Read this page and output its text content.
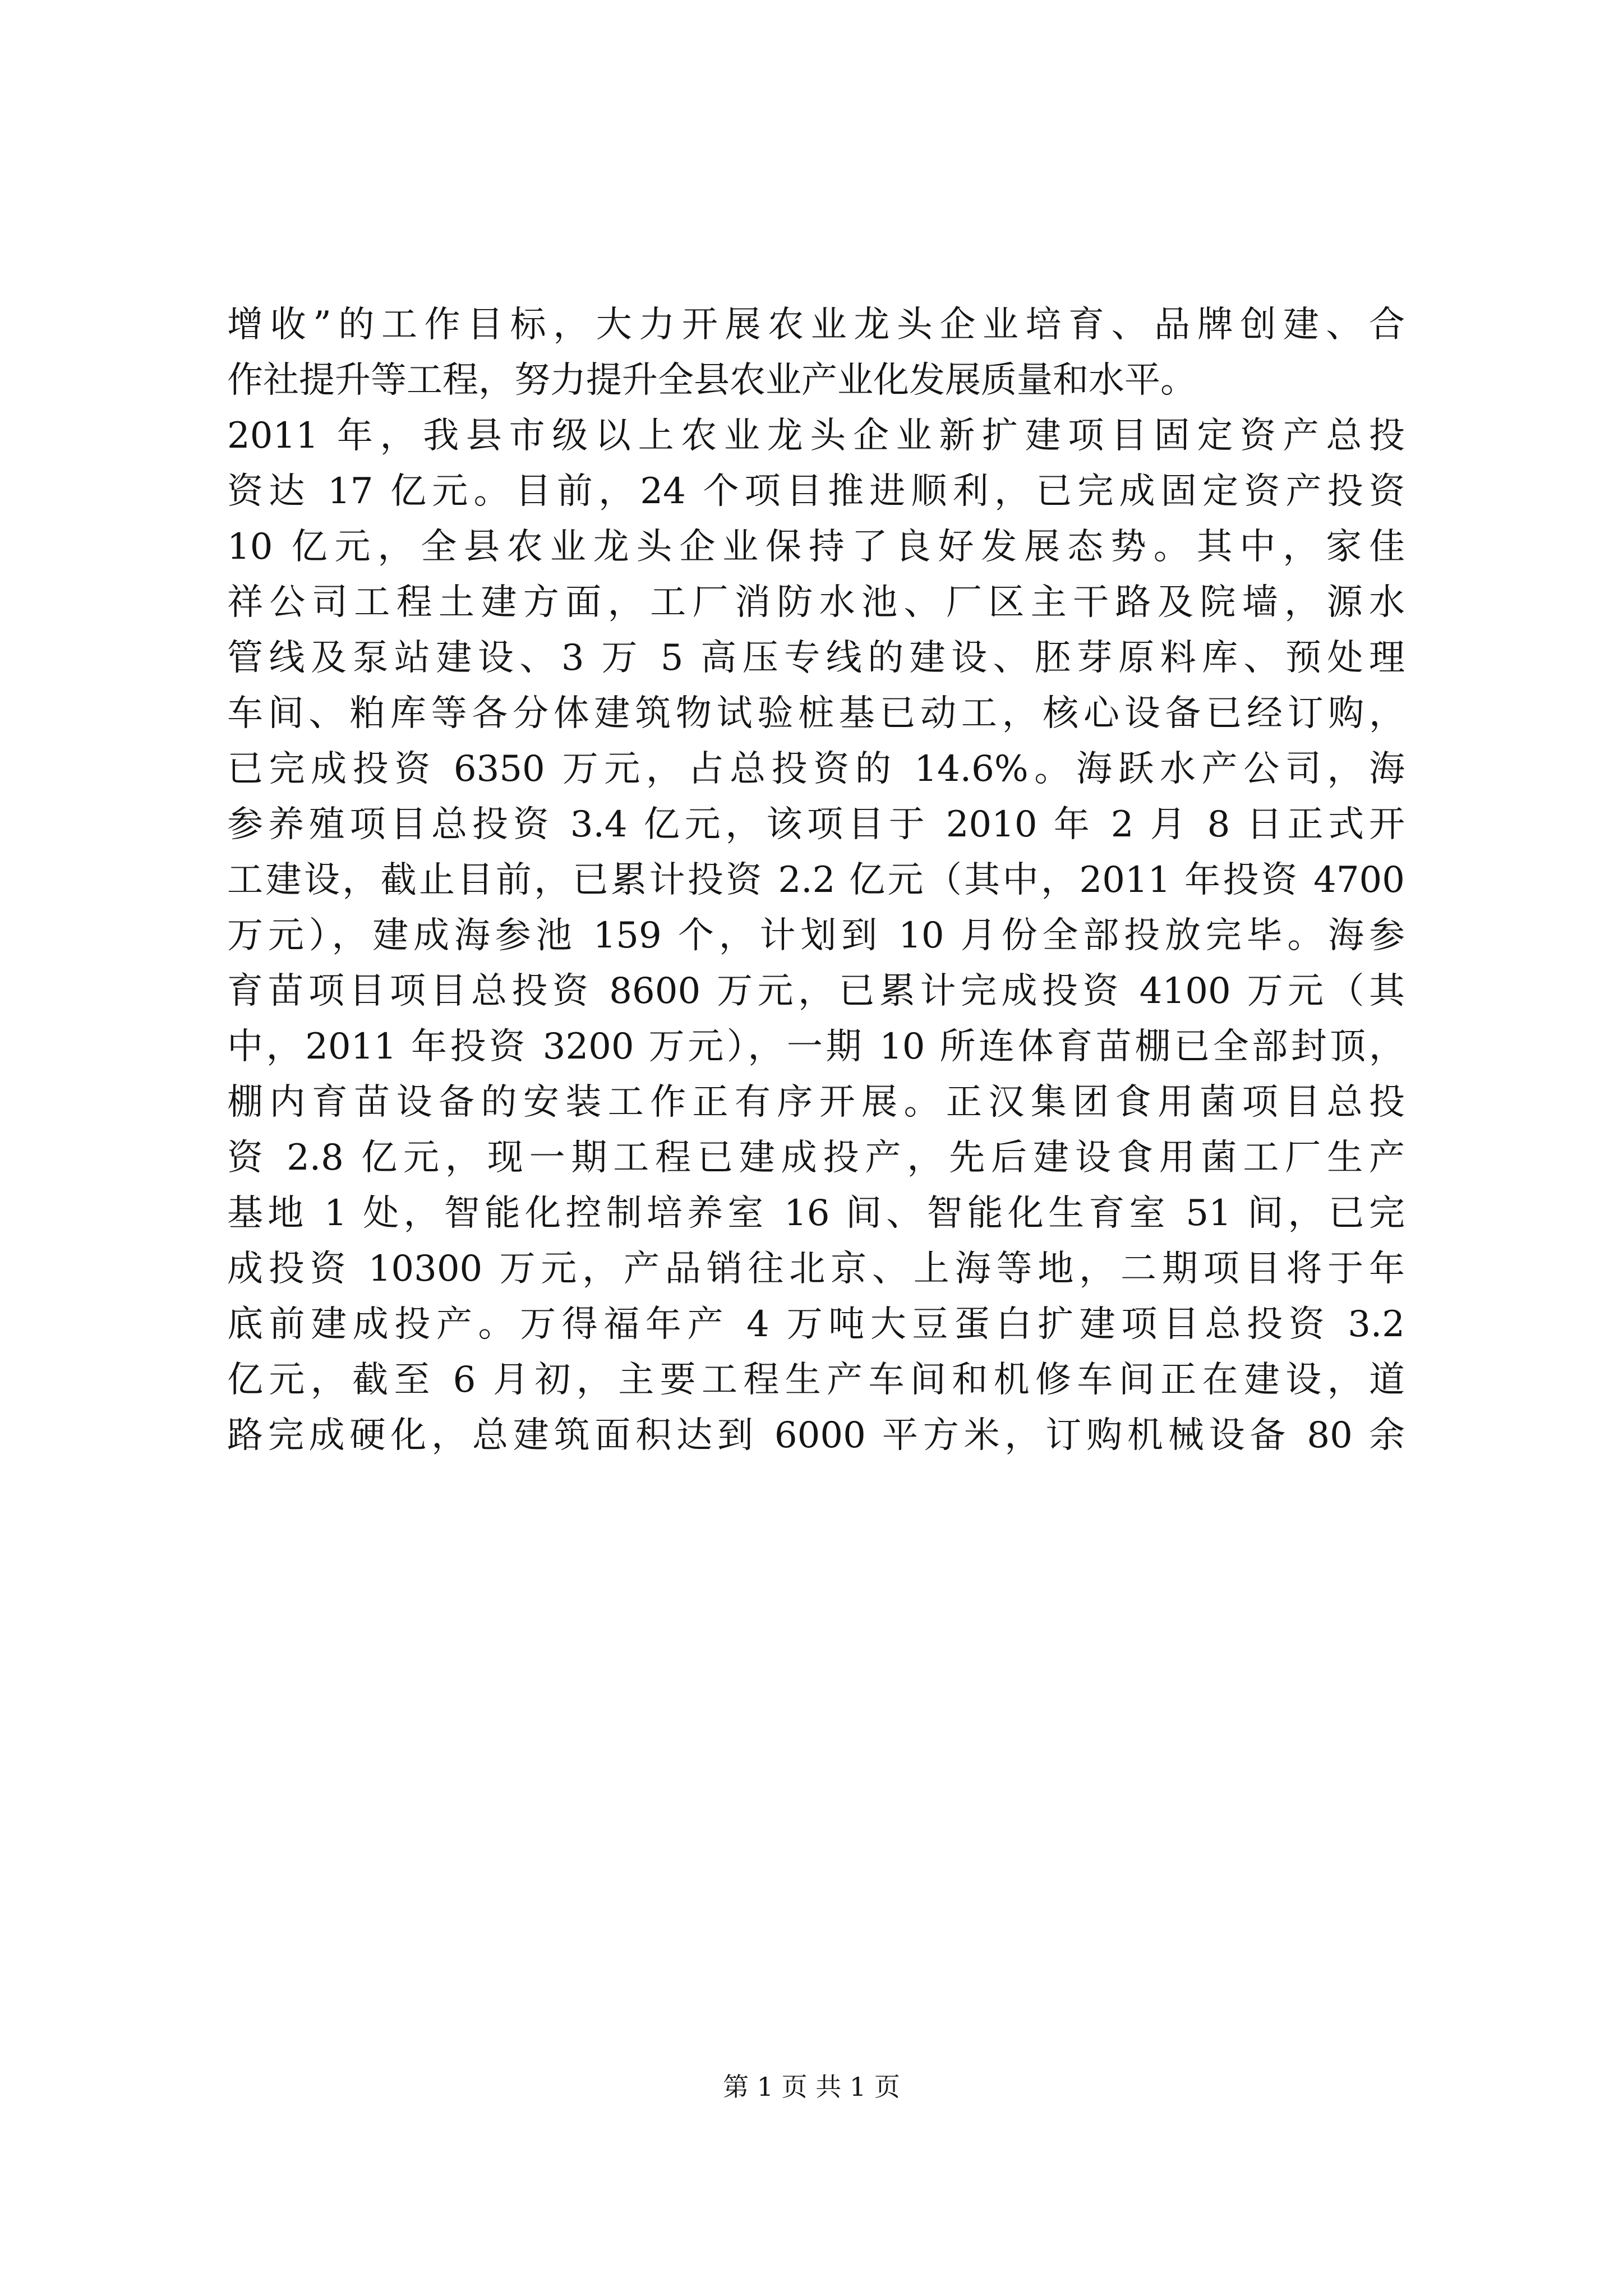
增收”的工作目标，大力开展农业龙头企业培育、品牌创建、合
作社提升等工程，努力提升全县农业产业化发展质量和水平。
2011 年，我县市级以上农业龙头企业新扩建项目固定资产总投
资达 17 亿元。目前，24 个项目推进顺利，已完成固定资产投资
10 亿元，全县农业龙头企业保持了良好发展态势。其中，家佳
祥公司工程土建方面，工厂消防水池、厂区主干路及院墙，源水
管线及泵站建设、3 万 5 高压专线的建设、胚芽原料库、预处理
车间、粕库等各分体建筑物试验桩基已动工，核心设备已经订购，
已完成投资 6350 万元，占总投资的 14.6%。海跃水产公司，海
参养殖项目总投资 3.4 亿元，该项目于 2010 年 2 月 8 日正式开
工建设，截止目前，已累计投资 2.2 亿元（其中，2011 年投资 4700
万元），建成海参池 159 个，计划到 10 月份全部投放完毕。海参
育苗项目项目总投资 8600 万元，已累计完成投资 4100 万元（其
中，2011 年投资 3200 万元），一期 10 所连体育苗棚已全部封顶，
棚内育苗设备的安装工作正有序开展。正汉集团食用菌项目总投
资 2.8 亿元，现一期工程已建成投产，先后建设食用菌工厂生产
基地 1 处，智能化控制培养室 16 间、智能化生育室 51 间，已完
成投资 10300 万元，产品销往北京、上海等地，二期项目将于年
底前建成投产。万得福年产 4 万吨大豆蛋白扩建项目总投资 3.2
亿元，截至 6 月初，主要工程生产车间和机修车间正在建设，道
路完成硬化，总建筑面积达到 6000 平方米，订购机械设备 80 余
第 1 页 共 1 页
